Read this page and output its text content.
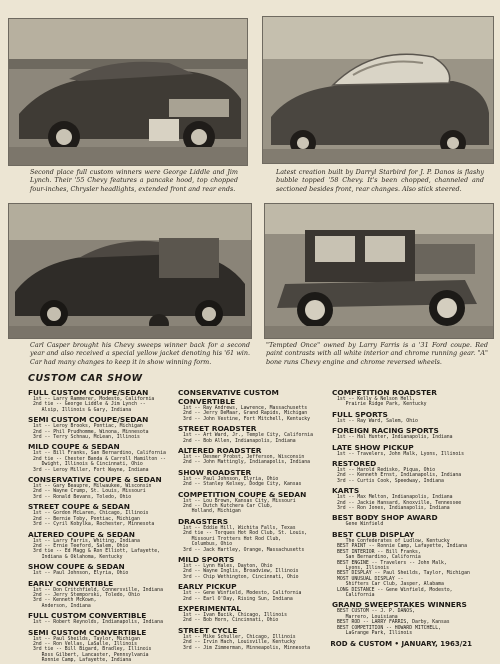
Second place full custom winners were George Liddle and Jim Lynch. Their '55 Chevy features a pancake hood, top chopped four-inches, Chrysler headlights, extended front and rear ends.
Latest creation built by Darryl Starbird for J. P. Danos is flashy bubble topped '58 Chevy. It's been chopped, channeled and sectioned besides front, rear changes. Also stick steered.
Carl Casper brought his Chevy sweeps winner back for a second year and also received a special yellow jacket denoting his '61 win. Car had many changes to keep it in show winning form.
"Tempted Once" owned by Larry Farris is a '31 Ford coupe. Red paint contrasts with all white interior and chrome running gear. "A" bone runs Chevy engine and chrome reversed wheels.
CUSTOM CAR SHOW
FULL CUSTOM COUPE/SEDAN
1st -- Larry Rammerer, Modesto, California
2nd tie -- George Liddle & Jim Lynch --
Alsip, Illinois & Gary, Indiana
SEMI CUSTOM COUPE/SEDAN
1st -- Leroy Brooks, Pontiac, Michigan
2nd -- Phil Prudhomme, Winona, Minnesota
3rd -- Terry Schnau, McLean, Illinois
MILD COUPE & SEDAN
1st -- Bill Franks, San Bernardino, California
2nd tie -- Chester Banda & Carroll Hamilton --
Dwight, Illinois & Cincinnati, Ohio
3rd -- Leroy Miller, Fort Wayne, Indiana
CONSERVATIVE COUPE & SEDAN
1st -- Gary Beaupre, Milwaukee, Wisconsin
2nd -- Wayne Crump, St. Louis, Missouri
3rd -- Ronald Bevans, Toledo, Ohio
STREET COUPE & SEDAN
1st -- Gordon McLaren, Chicago, Illinois
2nd -- Bernie Toby, Pontiac, Michigan
3rd -- Cyril Kobylka, Rochester, Minnesota
ALTERED COUPE & SEDAN
1st -- Larry Farris, Whiting, Indiana
2nd -- Ernie Teeford, Salem, Ohio
3rd tie -- Ed Magg & Ron Elliott, Lafayette,
Indiana & Oklahoma, Kentucky
SHOW COUPE & SEDAN
1st -- Paul Johnson, Elyria, Ohio
EARLY CONVERTIBLE
1st -- Don Critchfield, Connersville, Indiana
2nd -- Jerry Stemporski, Toledo, Ohio
3rd -- Kenneth McKown,
Anderson, Indiana
FULL CUSTOM CONVERTIBLE
1st -- Robert Reynolds, Indianapolis, Indiana
SEMI CUSTOM CONVERTIBLE
1st -- Paul Sheilds, Taylor, Michigan
2nd -- Ron Vellas, LaSalle, Illinois
3rd tie -- Bill Bigard, Bradley, Illinois
Ross Gilbert, Lancaster, Pennsylvania
Ronnie Camp, Lafayette, Indiana
CONSERVATIVE CUSTOM CONVERTIBLE
1st -- Ray Andrews, Lawrence, Massachusetts
2nd -- Jerry DeMaar, Grand Rapids, Michigan
3rd -- John Vestine, Fort Mitchell, Kentucky
STREET ROADSTER
1st -- Art Ward, Jr., Temple City, California
2nd -- Bob Allen, Indianapolis, Indiana
ALTERED ROADSTER
1st -- Desmer Probst, Jefferson, Wisconsin
2nd -- John Mattingly, Indianapolis, Indiana
SHOW ROADSTER
1st -- Paul Johnson, Elyria, Ohio
2nd -- Stanley Kelsey, Dodge City, Kansas
COMPETITION COUPE & SEDAN
1st -- Lou Brown, Kansas City, Missouri
2nd -- Dutch Kutchera Car Club,
Holland, Michigan
DRAGSTERS
1st -- Eddie Hill, Wichita Falls, Texas
2nd tie -- Torques Hot Rod Club, St. Louis,
Missouri Trotters Hot Rod Club,
Columbus, Ohio
3rd -- Jack Hartley, Orange, Massachusetts
MILD SPORTS
1st -- Lynn Hales, Dayton, Ohio
2nd -- Wayne Inglis, Broadview, Illinois
3rd -- Chip Wethington, Cincinnati, Ohio
EARLY PICKUP
1st -- Gene Winfield, Modesto, California
2nd -- Earl O'Day, Rising Sun, Indiana
EXPERIMENTAL
1st -- Ivan Bucik, Chicago, Illinois
2nd -- Bob Horn, Cincinnati, Ohio
STREET CYCLE
1st -- Mike Schuller, Chicago, Illinois
2nd -- Irvin Hach, Louisville, Kentucky
3rd -- Jim Zimmerman, Minneapolis, Minnesota
COMPETITION ROADSTER
1st -- Kelly & Nelson Hell,
Prairie Ridge Park, Kentucky
FULL SPORTS
1st -- Ray Ward, Salem, Ohio
FOREIGN RACING SPORTS
1st -- Hal Hunter, Indianapolis, Indiana
LATE SHOW PICKUP
1st -- Travelers, John Malk, Lyons, Illinois
RESTORED
1st -- Harold Redisko, Piqua, Ohio
2nd -- Kenneth Ernst, Indianapolis, Indiana
3rd -- Curtis Cook, Speedway, Indiana
KARTS
1st -- Max Melton, Indianapolis, Indiana
2nd -- Jackie Hansard, Knoxville, Tennessee
3rd -- Ron Jones, Indianapolis, Indiana
BEST BODY SHOP AWARD
Gene Winfield
BEST CLUB DISPLAY
The Confederates of Ludlow, Kentucky
BEST PAINT -- Ronnie Camp, Lafayette, Indiana
BEST INTERIOR -- Bill Franks,
San Bernardino, California
BEST ENGINE -- Travelers -- John Malk,
Lyons, Illinois
BEST DISPLAY -- Paul Sheilds, Taylor, Michigan
MOST UNUSUAL DISPLAY --
Shifters Car Club, Jasper, Alabama
LONG DISTANCE -- Gene Winfield, Modesto,
California
GRAND SWEEPSTAKES WINNERS
BEST CUSTOM -- J. P. DANOS,
Marrero, Louisiana
BEST ROD -- LARRY FARRIS, Darby, Kansas
BEST COMPETITION -- HOWARD MITCHELL,
LaGrange Park, Illinois
ROD & CUSTOM • JANUARY, 1963/21
